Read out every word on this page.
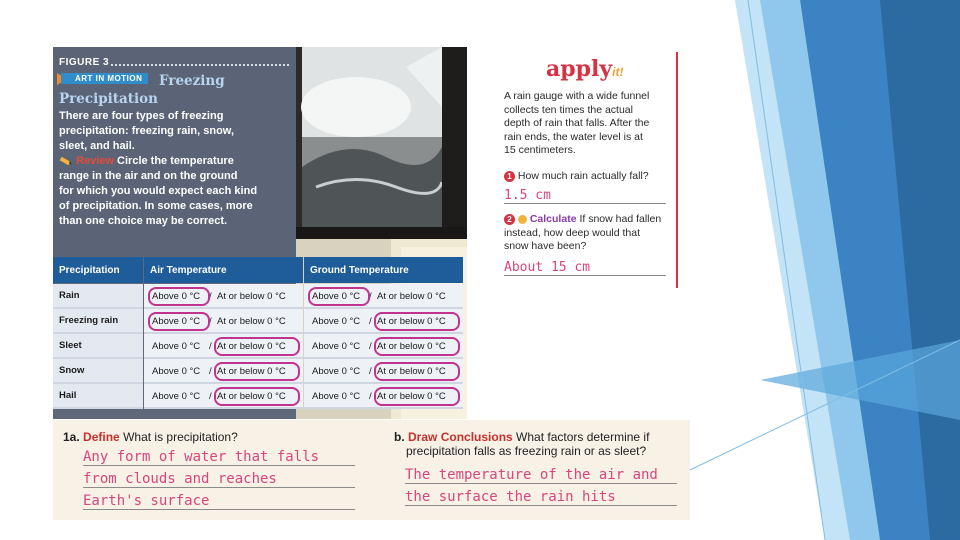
FIGURE 3
ART IN MOTION	Freezing
Precipitation
There are four types of freezing
precipitation: freezing rain, snow,
sleet, and hail.
Review Circle the temperature
range in the air and on the ground
for which you would expect each kind
of precipitation. In some cases, more
than one choice may be correct.
Precipitation	Air Temperature	Ground Temperature
Rain	Above 0 °C / At or below 0 °C	Above 0 °C / At or below 0 °C
Freezing rain	Above 0 °C / At or below 0 °C	Above 0 °C / At or below 0 °C
Sleet	Above 0 °C / At or below 0 °C	Above 0 °C / At or below 0 °C
Snow	Above 0 °C / At or below 0 °C	Above 0 °C / At or below 0 °C
Hail	Above 0 °C / At or below 0 °C	Above 0 °C / At or below 0 °C
applyit!
A rain gauge with a wide funnel
collects ten times the actual
depth of rain that falls. After the
rain ends, the water level is at
15 centimeters.
1 How much rain actually fall?
1.5 cm
2 Calculate If snow had fallen
instead, how deep would that
snow have been?
About 15 cm
1a. Define What is precipitation?
Any form of water that falls
from clouds and reaches
Earth's surface
b. Draw Conclusions What factors determine if
precipitation falls as freezing rain or as sleet?
The temperature of the air and
the surface the rain hits
